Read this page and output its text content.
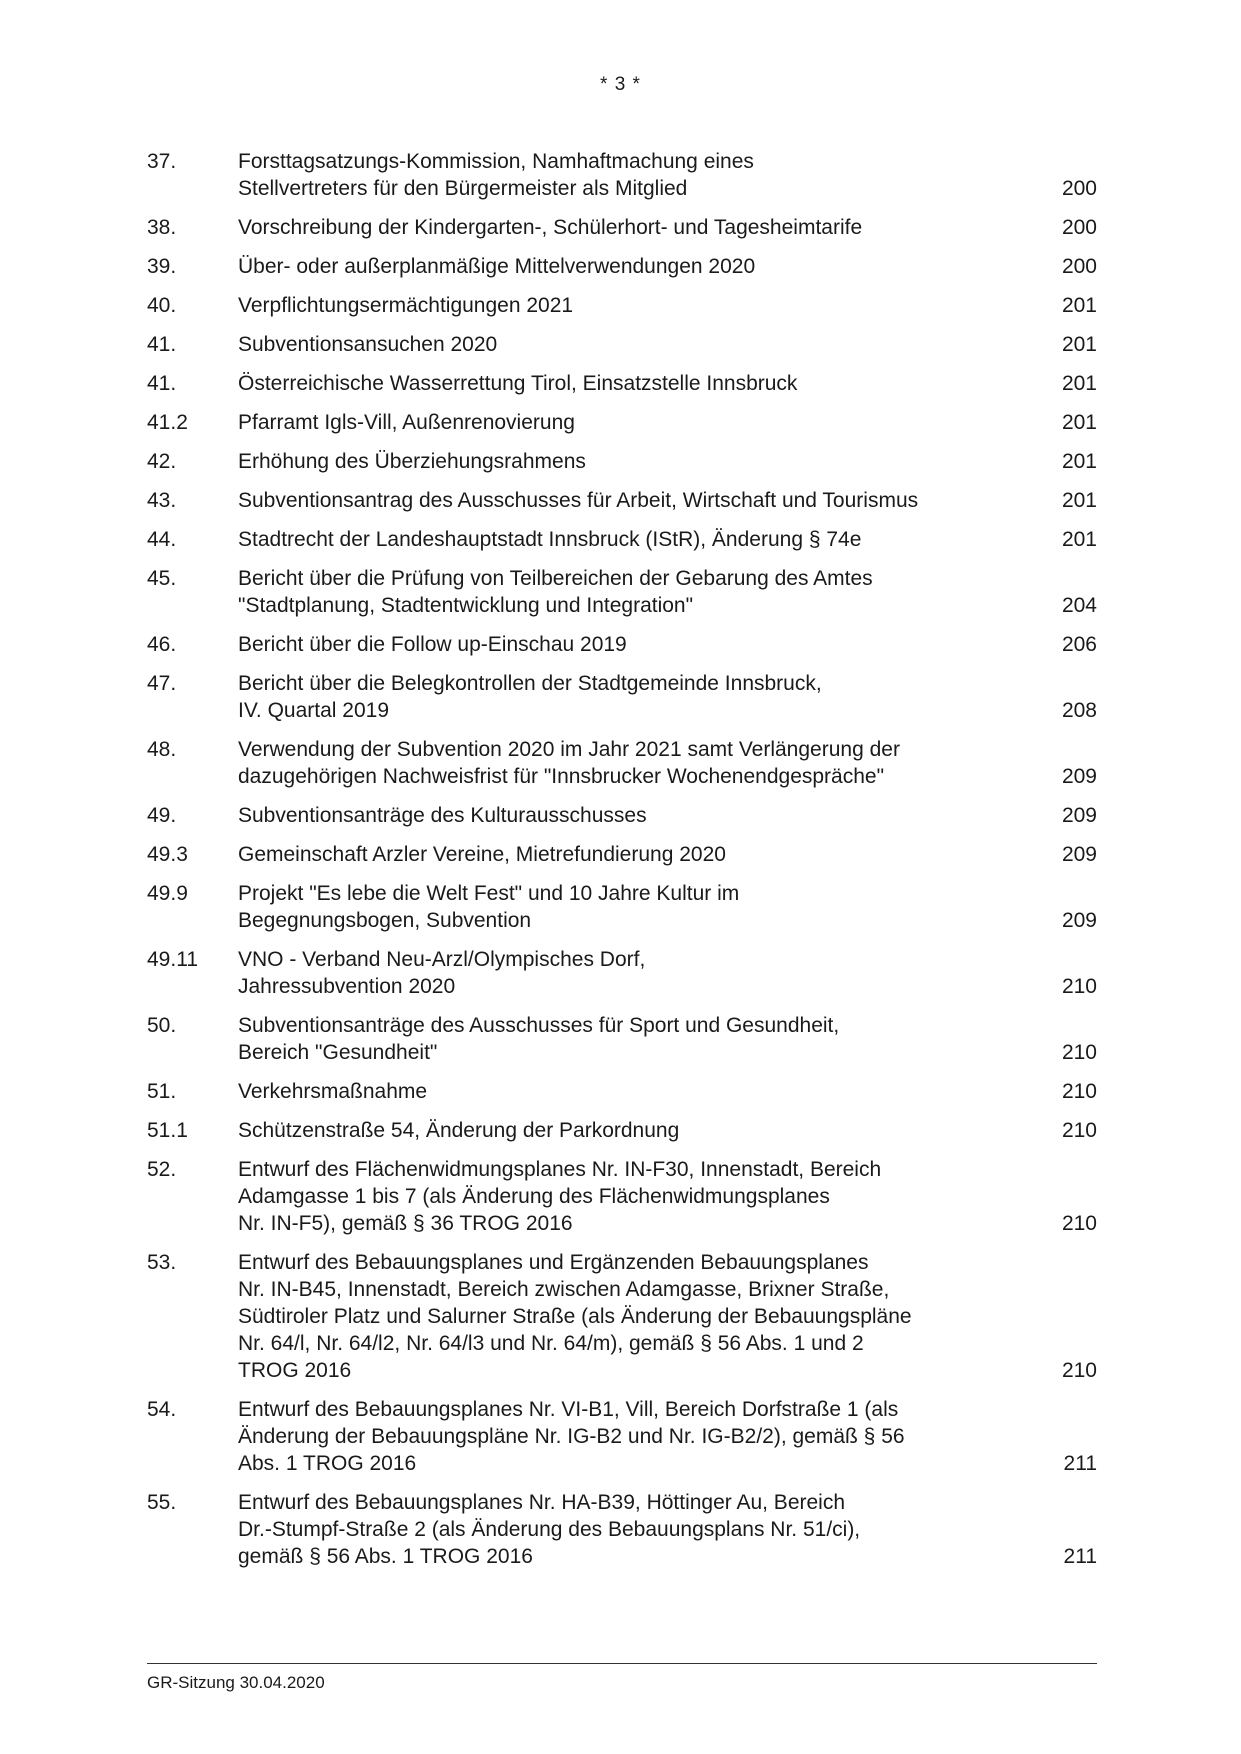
* 3 *
37.	Forsttagsatzungs-Kommission, Namhaftmachung eines
Stellvertreters für den Bürgermeister als Mitglied	200
38.	Vorschreibung der Kindergarten-, Schülerhort- und Tagesheimtarife	200
39.	Über- oder außerplanmäßige Mittelverwendungen 2020	200
40.	Verpflichtungsermächtigungen 2021	201
41.	Subventionsansuchen 2020	201
41.	Österreichische Wasserrettung Tirol, Einsatzstelle Innsbruck	201
41.2	Pfarramt Igls-Vill, Außenrenovierung	201
42.	Erhöhung des Überziehungsrahmens	201
43.	Subventionsantrag des Ausschusses für Arbeit, Wirtschaft und Tourismus	201
44.	Stadtrecht der Landeshauptstadt Innsbruck (IStR), Änderung § 74e	201
45.	Bericht über die Prüfung von Teilbereichen der Gebarung des Amtes
"Stadtplanung, Stadtentwicklung und Integration"	204
46.	Bericht über die Follow up-Einschau 2019	206
47.	Bericht über die Belegkontrollen der Stadtgemeinde Innsbruck,
IV. Quartal 2019	208
48.	Verwendung der Subvention 2020 im Jahr 2021 samt Verlängerung der
dazugehörigen Nachweisfrist für "Innsbrucker Wochenendgespräche"	209
49.	Subventionsanträge des Kulturausschusses	209
49.3	Gemeinschaft Arzler Vereine, Mietrefundierung 2020	209
49.9	Projekt "Es lebe die Welt Fest" und 10 Jahre Kultur im
Begegnungsbogen, Subvention	209
49.11	VNO - Verband Neu-Arzl/Olympisches Dorf,
Jahressubvention 2020	210
50.	Subventionsanträge des Ausschusses für Sport und Gesundheit,
Bereich "Gesundheit"	210
51.	Verkehrsmaßnahme	210
51.1	Schützenstraße 54, Änderung der Parkordnung	210
52.	Entwurf des Flächenwidmungsplanes Nr. IN-F30, Innenstadt, Bereich
Adamgasse 1 bis 7 (als Änderung des Flächenwidmungsplanes
Nr. IN-F5), gemäß § 36 TROG 2016	210
53.	Entwurf des Bebauungsplanes und Ergänzenden Bebauungsplanes
Nr. IN-B45, Innenstadt, Bereich zwischen Adamgasse, Brixner Straße,
Südtiroler Platz und Salurner Straße (als Änderung der Bebauungspläne
Nr. 64/l, Nr. 64/l2, Nr. 64/l3 und Nr. 64/m), gemäß § 56 Abs. 1 und 2
TROG 2016	210
54.	Entwurf des Bebauungsplanes Nr. VI-B1, Vill, Bereich Dorfstraße 1 (als
Änderung der Bebauungspläne Nr. IG-B2 und Nr. IG-B2/2), gemäß § 56
Abs. 1 TROG 2016	211
55.	Entwurf des Bebauungsplanes Nr. HA-B39, Höttinger Au, Bereich
Dr.-Stumpf-Straße 2 (als Änderung des Bebauungsplans Nr. 51/ci),
gemäß § 56 Abs. 1 TROG 2016	211
GR-Sitzung 30.04.2020
